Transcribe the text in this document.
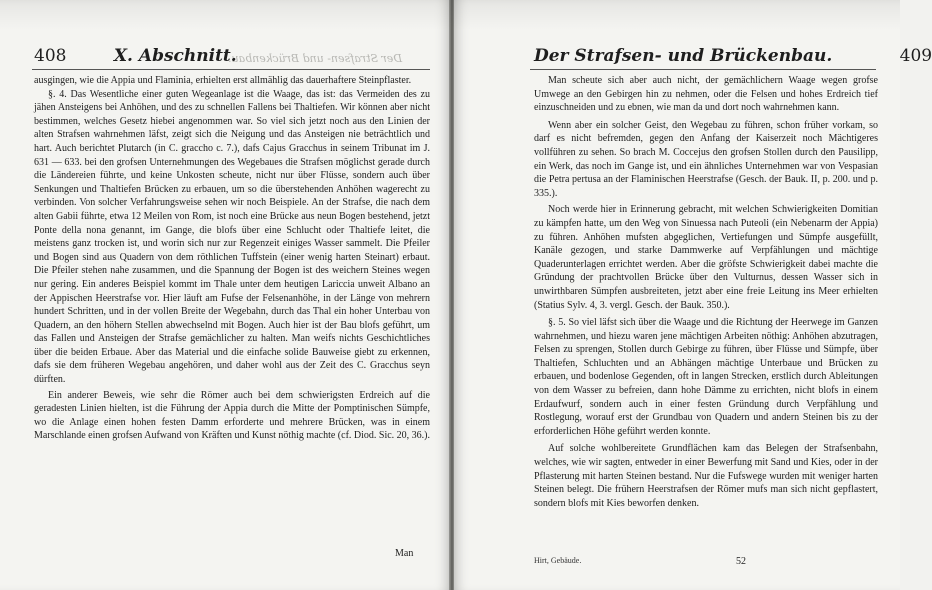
Der Strafsen- und Brückenbau.
408	X. Abschnitt.

ausgingen, wie die Appia und Flaminia, erhielten erst allmählig das dauerhaftere Steinpflaster.

§. 4. Das Wesentliche einer guten Wegeanlage ist die Waage, das ist: das Vermeiden des zu jähen Ansteigens bei Anhöhen, und des zu schnellen Fallens bei Thaltiefen. Wir können aber nicht bestimmen, welches Gesetz hiebei angenommen war. So viel sich jetzt noch aus den Linien der alten Strafsen wahrnehmen läfst, zeigt sich die Neigung und das Ansteigen nie beträchtlich und hart. Auch berichtet Plutarch (in C. graccho c. 7.), dafs Cajus Gracchus in seinem Tribunat im J. 631 — 633. bei den grofsen Unternehmungen des Wegebaues die Strafsen möglichst gerade durch die Ländereien führte, und keine Unkosten scheute, nicht nur über Flüsse, sondern auch über Senkungen und Thaltiefen Brücken zu erbauen, um so die überstehenden Anhöhen wagerecht zu verbinden. Von solcher Verfahrungsweise sehen wir noch Beispiele. An der Strafse, die nach dem alten Gabii führte, etwa 12 Meilen von Rom, ist noch eine Brücke aus neun Bogen bestehend, jetzt Ponte della nona genannt, im Gange, die blofs über eine Schlucht oder Thaltiefe leitet, die meistens ganz trocken ist, und worin sich nur zur Regenzeit einiges Wasser sammelt. Die Pfeiler und Bogen sind aus Quadern von dem röthlichen Tuffstein (einer wenig harten Steinart) erbaut. Die Pfeiler stehen nahe zusammen, und die Spannung der Bogen ist des weichern Steines wegen nur gering. Ein anderes Beispiel kommt im Thale unter dem heutigen Lariccia unweit Albano an der Appischen Heerstrafse vor. Hier läuft am Fufse der Felsenanhöhe, in der Länge von mehrern hundert Schritten, und in der vollen Breite der Wegebahn, durch das Thal ein hoher Unterbau von Quadern, an den höhern Stellen abwechselnd mit Bogen. Auch hier ist der Bau blofs geführt, um das Fallen und Ansteigen der Strafse gemächlicher zu halten. Man weifs nichts Geschichtliches über die beiden Erbaue. Aber das Material und die einfache solide Bauweise giebt zu erkennen, dafs sie dem früheren Wegebau angehören, und daher wohl aus der Zeit des C. Gracchus seyn dürften.

Ein anderer Beweis, wie sehr die Römer auch bei dem schwierigsten Erdreich auf die geradesten Linien hielten, ist die Führung der Appia durch die Mitte der Pomptinischen Sümpfe, wo die Anlage einen hohen festen Damm erforderte und mehrere Brücken, was in einem Marschlande einen grofsen Aufwand von Kräften und Kunst nöthig machte (cf. Diod. Sic. 20, 36.).

Man
Der Strafsen- und Brückenbau.	409

Man scheute sich aber auch nicht, der gemächlichern Waage wegen grofse Umwege an den Gebirgen hin zu nehmen, oder die Felsen und hohes Erdreich tief einzuschneiden und zu ebnen, wie man da und dort noch wahrnehmen kann.

Wenn aber ein solcher Geist, den Wegebau zu führen, schon früher vorkam, so darf es nicht befremden, gegen den Anfang der Kaiserzeit noch Mächtigeres vollführen zu sehen. So brach M. Coccejus den grofsen Stollen durch den Pausilipp, ein Werk, das noch im Gange ist, und ein ähnliches Unternehmen war von Vespasian die Petra pertusa an der Flaminischen Heerstrafse (Gesch. der Bauk. II, p. 200. und p. 335.).

Noch werde hier in Erinnerung gebracht, mit welchen Schwierigkeiten Domitian zu kämpfen hatte, um den Weg von Sinuessa nach Puteoli (ein Nebenarm der Appia) zu führen. Anhöhen mufsten abgeglichen, Vertiefungen und Sümpfe ausgefüllt, Kanäle gezogen, und starke Dammwerke auf Verpfählungen und mächtige Quaderunterlagen errichtet werden. Aber die gröfste Schwierigkeit dabei machte die Gründung der prachtvollen Brücke über den Vulturnus, dessen Wasser sich in unwirthbaren Sümpfen ausbreiteten, jetzt aber eine freie Leitung ins Meer erhielten (Statius Sylv. 4, 3. vergl. Gesch. der Bauk. 350.).

§. 5. So viel läfst sich über die Waage und die Richtung der Heerwege im Ganzen wahrnehmen, und hiezu waren jene mächtigen Arbeiten nöthig: Anhöhen abzutragen, Felsen zu sprengen, Stollen durch Gebirge zu führen, über Flüsse und Sümpfe, über Thaltiefen, Schluchten und an Abhängen mächtige Unterbaue und Brücken zu erbauen, und bodenlose Gegenden, oft in langen Strecken, erstlich durch Ableitungen von dem Wasser zu befreien, dann hohe Dämme zu errichten, nicht blofs in einem Erdaufwurf, sondern auch in einer festen Gründung durch Verpfählung und Rostlegung, worauf erst der Grundbau von Quadern und andern Steinen bis zu der erforderlichen Höhe geführt werden konnte.

Auf solche wohlbereitete Grundflächen kam das Belegen der Strafsenbahn, welches, wie wir sagten, entweder in einer Bewerfung mit Sand und Kies, oder in der Pflasterung mit harten Steinen bestand. Nur die Fufswege wurden mit weniger harten Steinen belegt. Die frühern Heerstrafsen der Römer mufs man sich nicht gepflastert, sondern blofs mit Kies beworfen denken.

Hirt, Gebäude.	52
